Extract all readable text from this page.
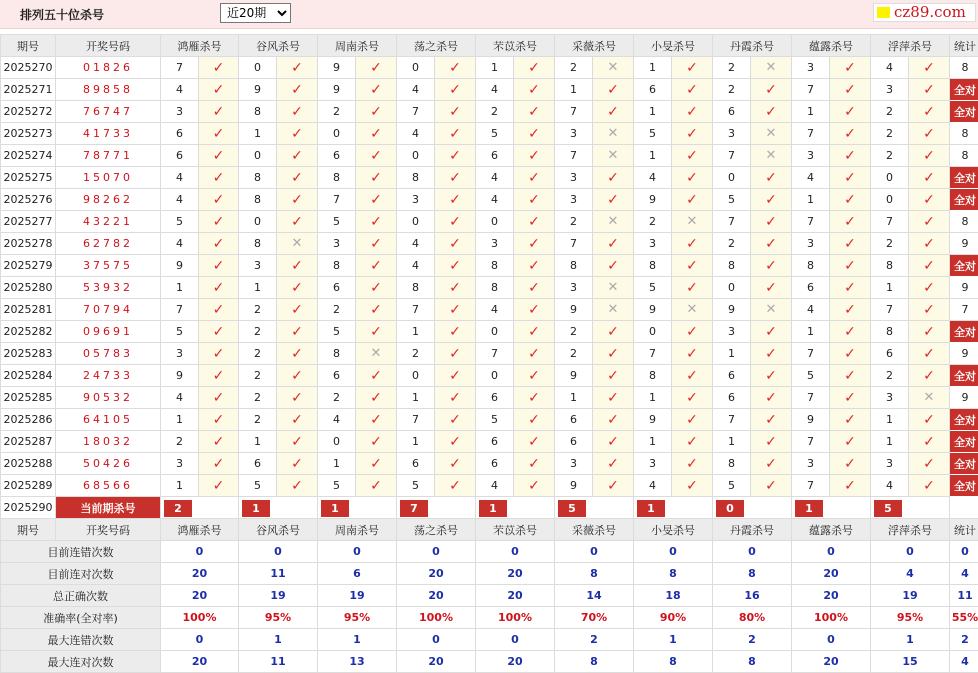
排列五十位杀号
近20期	cz89.com
期号	开奖号码	鸿雁杀号		谷风杀号		周南杀号		荡之杀号		芣苡杀号		采薇杀号		小旻杀号		丹霞杀号		蕴露杀号		浮萍杀号		统计
2025270	01826	7	✓	0	✓	9	✓	0	✓	1	✓	2	✕	1	✓	2	✕	3	✓	4	✓	8
2025271	89858	4	✓	9	✓	9	✓	4	✓	4	✓	1	✓	6	✓	2	✓	7	✓	3	✓	全对
2025272	76747	3	✓	8	✓	2	✓	7	✓	2	✓	7	✓	1	✓	6	✓	1	✓	2	✓	全对
2025273	41733	6	✓	1	✓	0	✓	4	✓	5	✓	3	✕	5	✓	3	✕	7	✓	2	✓	8
2025274	78771	6	✓	0	✓	6	✓	0	✓	6	✓	7	✕	1	✓	7	✕	3	✓	2	✓	8
2025275	15070	4	✓	8	✓	8	✓	8	✓	4	✓	3	✓	4	✓	0	✓	4	✓	0	✓	全对
2025276	98262	4	✓	8	✓	7	✓	3	✓	4	✓	3	✓	9	✓	5	✓	1	✓	0	✓	全对
2025277	43221	5	✓	0	✓	5	✓	0	✓	0	✓	2	✕	2	✕	7	✓	7	✓	7	✓	8
2025278	62782	4	✓	8	✕	3	✓	4	✓	3	✓	7	✓	3	✓	2	✓	3	✓	2	✓	9
2025279	37575	9	✓	3	✓	8	✓	4	✓	8	✓	8	✓	8	✓	8	✓	8	✓	8	✓	全对
2025280	53932	1	✓	1	✓	6	✓	8	✓	8	✓	3	✕	5	✓	0	✓	6	✓	1	✓	9
2025281	70794	7	✓	2	✓	2	✓	7	✓	4	✓	9	✕	9	✕	9	✕	4	✓	7	✓	7
2025282	09691	5	✓	2	✓	5	✓	1	✓	0	✓	2	✓	0	✓	3	✓	1	✓	8	✓	全对
2025283	05783	3	✓	2	✓	8	✕	2	✓	7	✓	2	✓	7	✓	1	✓	7	✓	6	✓	9
2025284	24733	9	✓	2	✓	6	✓	0	✓	0	✓	9	✓	8	✓	6	✓	5	✓	2	✓	全对
2025285	90532	4	✓	2	✓	2	✓	1	✓	6	✓	1	✓	1	✓	6	✓	7	✓	3	✕	9
2025286	64105	1	✓	2	✓	4	✓	7	✓	5	✓	6	✓	9	✓	7	✓	9	✓	1	✓	全对
2025287	18032	2	✓	1	✓	0	✓	1	✓	6	✓	6	✓	1	✓	1	✓	7	✓	1	✓	全对
2025288	50426	3	✓	6	✓	1	✓	6	✓	6	✓	3	✓	3	✓	8	✓	3	✓	3	✓	全对
2025289	68566	1	✓	5	✓	5	✓	5	✓	4	✓	9	✓	4	✓	5	✓	7	✓	4	✓	全对
2025290	当前期杀号	2		1		1		7		1		5		1		0		1		5		

期号	开奖号码	鸿雁杀号		谷风杀号		周南杀号		荡之杀号		芣苡杀号		采薇杀号		小旻杀号		丹霞杀号		蕴露杀号		浮萍杀号		统计
目前连错次数		0		0		0		0		0		0		0		0		0		0		0
目前连对次数		20		11		6		20		20		8		8		8		20		4		4
总正确次数		20		19		19		20		20		14		18		16		20		19		11
准确率(全对率)		100%		95%		95%		100%		100%		70%		90%		80%		100%		95%		55%
最大连错次数		0		1		1		0		0		2		1		2		0		1		2
最大连对次数		20		11		13		20		20		8		8		8		20		15		4
